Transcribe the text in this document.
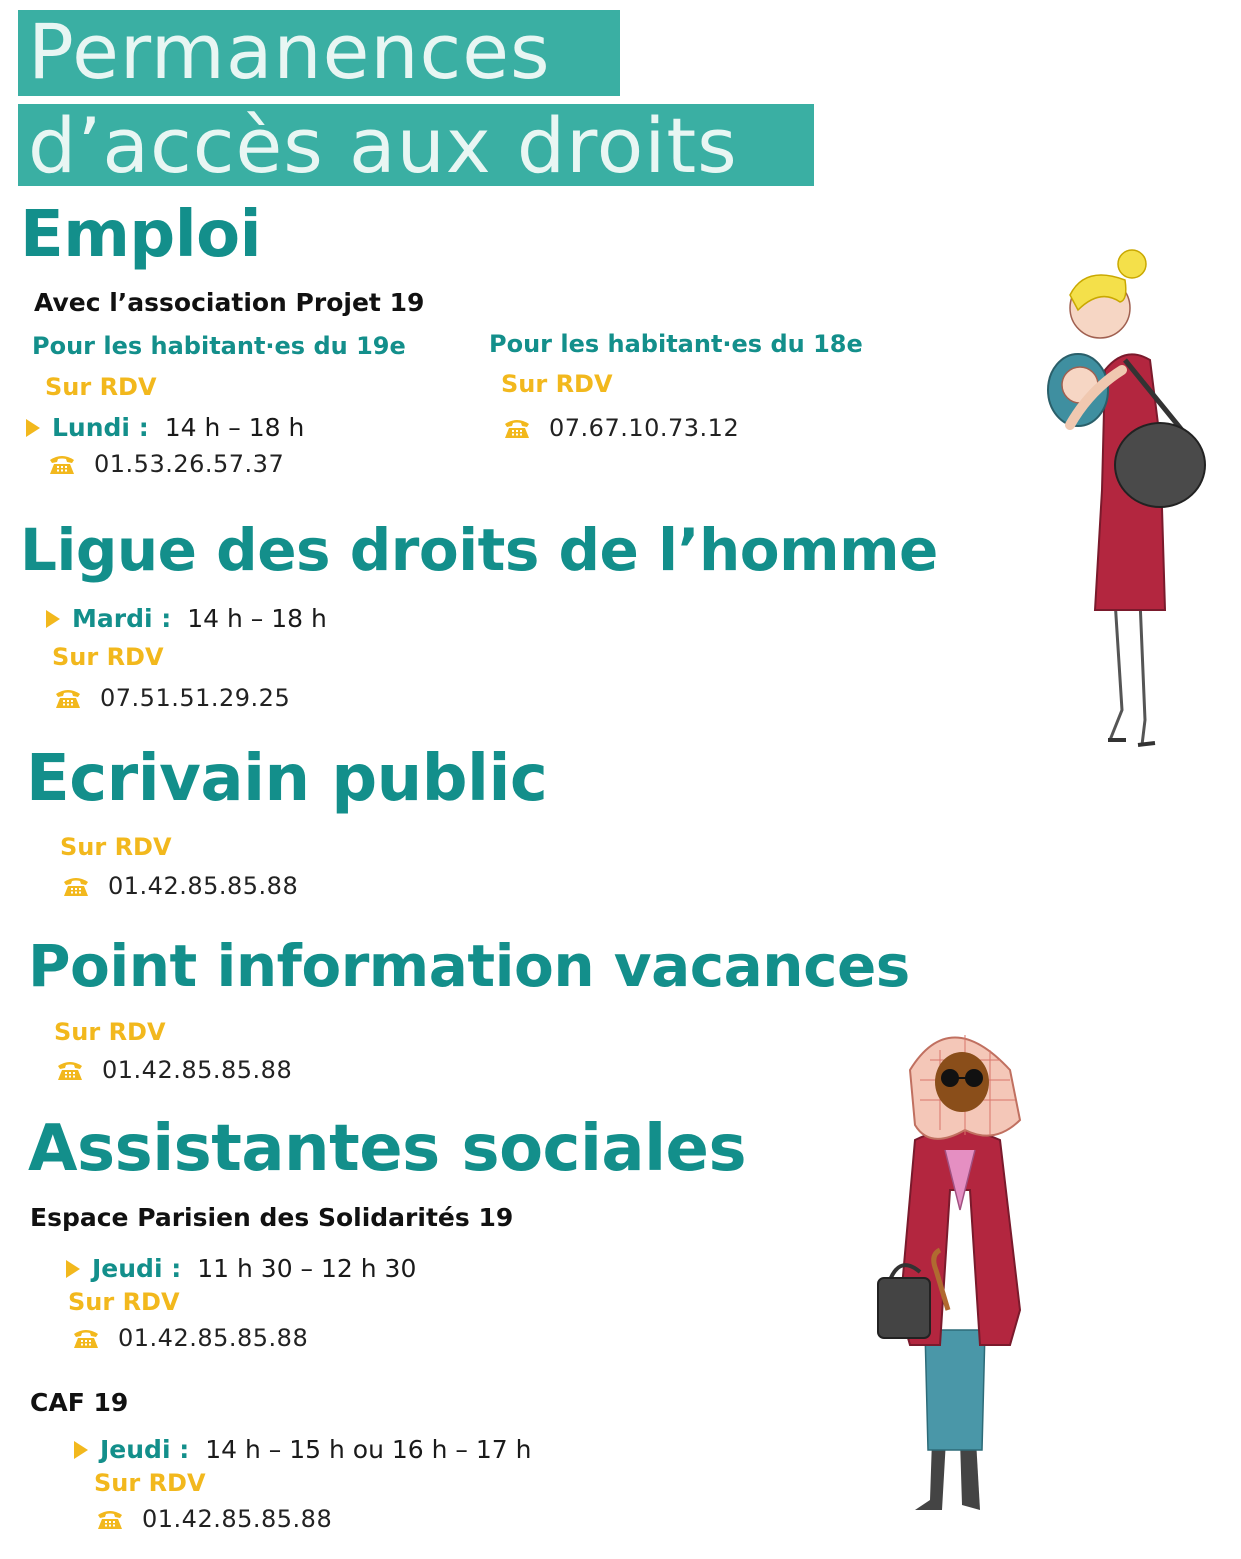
Permanences
d’accès aux droits
Emploi
Avec l’association Projet 19
Pour les habitant·es du 19e
Sur RDV
Lundi : 14 h – 18 h
01.53.26.57.37
Pour les habitant·es du 18e
Sur RDV
07.67.10.73.12
Ligue des droits de l’homme
Mardi : 14 h – 18 h
Sur RDV
07.51.51.29.25
Ecrivain public
Sur RDV
01.42.85.85.88
Point information vacances
Sur RDV
01.42.85.85.88
Assistantes sociales
Espace Parisien des Solidarités 19
Jeudi : 11 h 30 – 12 h 30
Sur RDV
01.42.85.85.88
CAF 19
Jeudi : 14 h – 15 h ou 16 h – 17 h
Sur RDV
01.42.85.85.88
